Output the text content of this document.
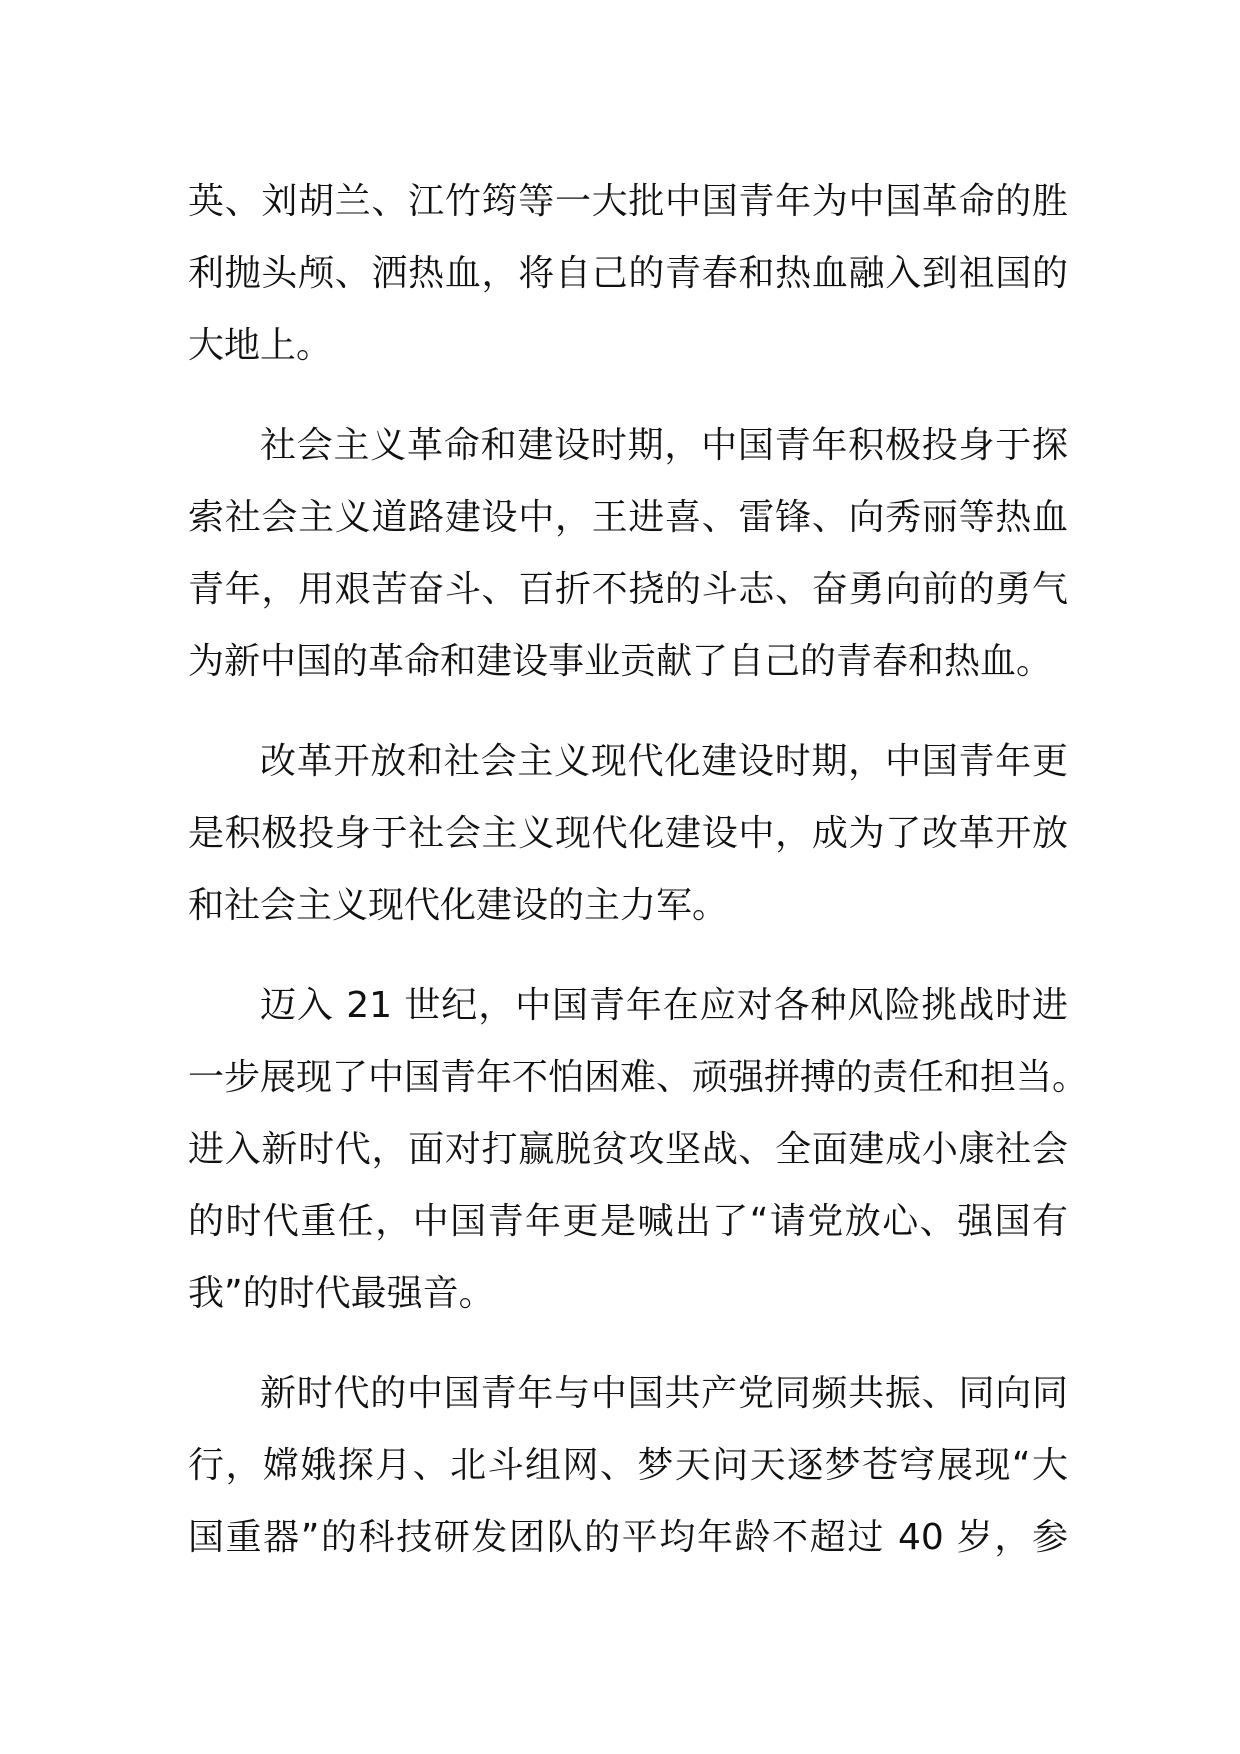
英、刘胡兰、江竹筠等一大批中国青年为中国革命的胜
利抛头颅、洒热血，将自己的青春和热血融入到祖国的
大地上。
社会主义革命和建设时期，中国青年积极投身于探
索社会主义道路建设中，王进喜、雷锋、向秀丽等热血
青年，用艰苦奋斗、百折不挠的斗志、奋勇向前的勇气
为新中国的革命和建设事业贡献了自己的青春和热血。
改革开放和社会主义现代化建设时期，中国青年更
是积极投身于社会主义现代化建设中，成为了改革开放
和社会主义现代化建设的主力军。
迈入 21 世纪，中国青年在应对各种风险挑战时进
一步展现了中国青年不怕困难、顽强拼搏的责任和担当。
进入新时代，面对打赢脱贫攻坚战、全面建成小康社会
的时代重任，中国青年更是喊出了“请党放心、强国有
我”的时代最强音。
新时代的中国青年与中国共产党同频共振、同向同
行，嫦娥探月、北斗组网、梦天问天逐梦苍穹展现“大
国重器”的科技研发团队的平均年龄不超过 40 岁，参
